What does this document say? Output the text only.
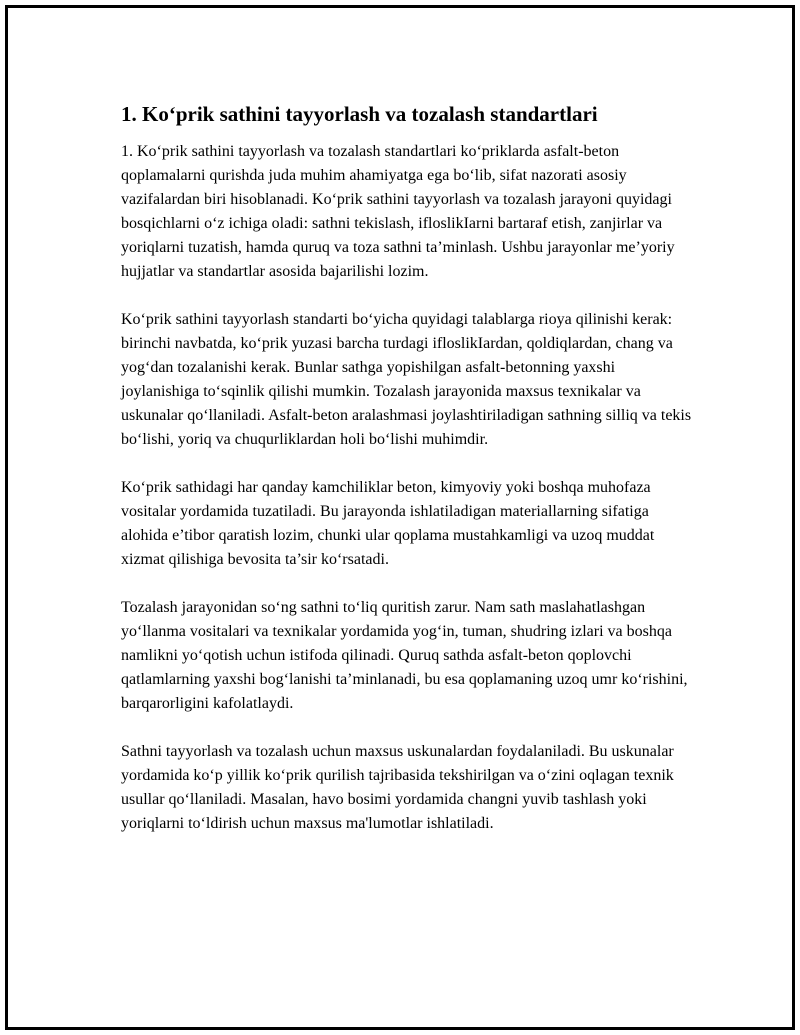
1. Ko‘prik sathini tayyorlash va tozalash standartlari

1. Ko‘prik sathini tayyorlash va tozalash standartlari ko‘priklarda asfalt-beton qoplamalarni qurishda juda muhim ahamiyatga ega bo‘lib, sifat nazorati asosiy vazifalardan biri hisoblanadi. Ko‘prik sathini tayyorlash va tozalash jarayoni quyidagi bosqichlarni o‘z ichiga oladi: sathni tekislash, ifloslikIarni bartaraf etish, zanjirlar va yoriqlarni tuzatish, hamda quruq va toza sathni ta’minlash. Ushbu jarayonlar me’yoriy hujjatlar va standartlar asosida bajarilishi lozim.

Ko‘prik sathini tayyorlash standarti bo‘yicha quyidagi talablarga rioya qilinishi kerak: birinchi navbatda, ko‘prik yuzasi barcha turdagi ifloslikIardan, qoldiqlardan, chang va yog‘dan tozalanishi kerak. Bunlar sathga yopishilgan asfalt-betonning yaxshi joylanishiga to‘sqinlik qilishi mumkin. Tozalash jarayonida maxsus texnikalar va uskunalar qo‘llaniladi. Asfalt-beton aralashmasi joylashtiriladigan sathning silliq va tekis bo‘lishi, yoriq va chuqurliklardan holi bo‘lishi muhimdir.

Ko‘prik sathidagi har qanday kamchiliklar beton, kimyoviy yoki boshqa muhofaza vositalar yordamida tuzatiladi. Bu jarayonda ishlatiladigan materiallarning sifatiga alohida e’tibor qaratish lozim, chunki ular qoplama mustahkamligi va uzoq muddat xizmat qilishiga bevosita ta’sir ko‘rsatadi.

Tozalash jarayonidan so‘ng sathni to‘liq quritish zarur. Nam sath maslahatlashgan yo‘llanma vositalari va texnikalar yordamida yog‘in, tuman, shudring izlari va boshqa namlikni yo‘qotish uchun istifoda qilinadi. Quruq sathda asfalt-beton qoplovchi qatlamlarning yaxshi bog‘lanishi ta’minlanadi, bu esa qoplamaning uzoq umr ko‘rishini, barqarorligini kafolatlaydi.

Sathni tayyorlash va tozalash uchun maxsus uskunalardan foydalaniladi. Bu uskunalar yordamida ko‘p yillik ko‘prik qurilish tajribasida tekshirilgan va o‘zini oqlagan texnik usullar qo‘llaniladi. Masalan, havo bosimi yordamida changni yuvib tashlash yoki yoriqlarni to‘ldirish uchun maxsus ma'lumotlar ishlatiladi.
